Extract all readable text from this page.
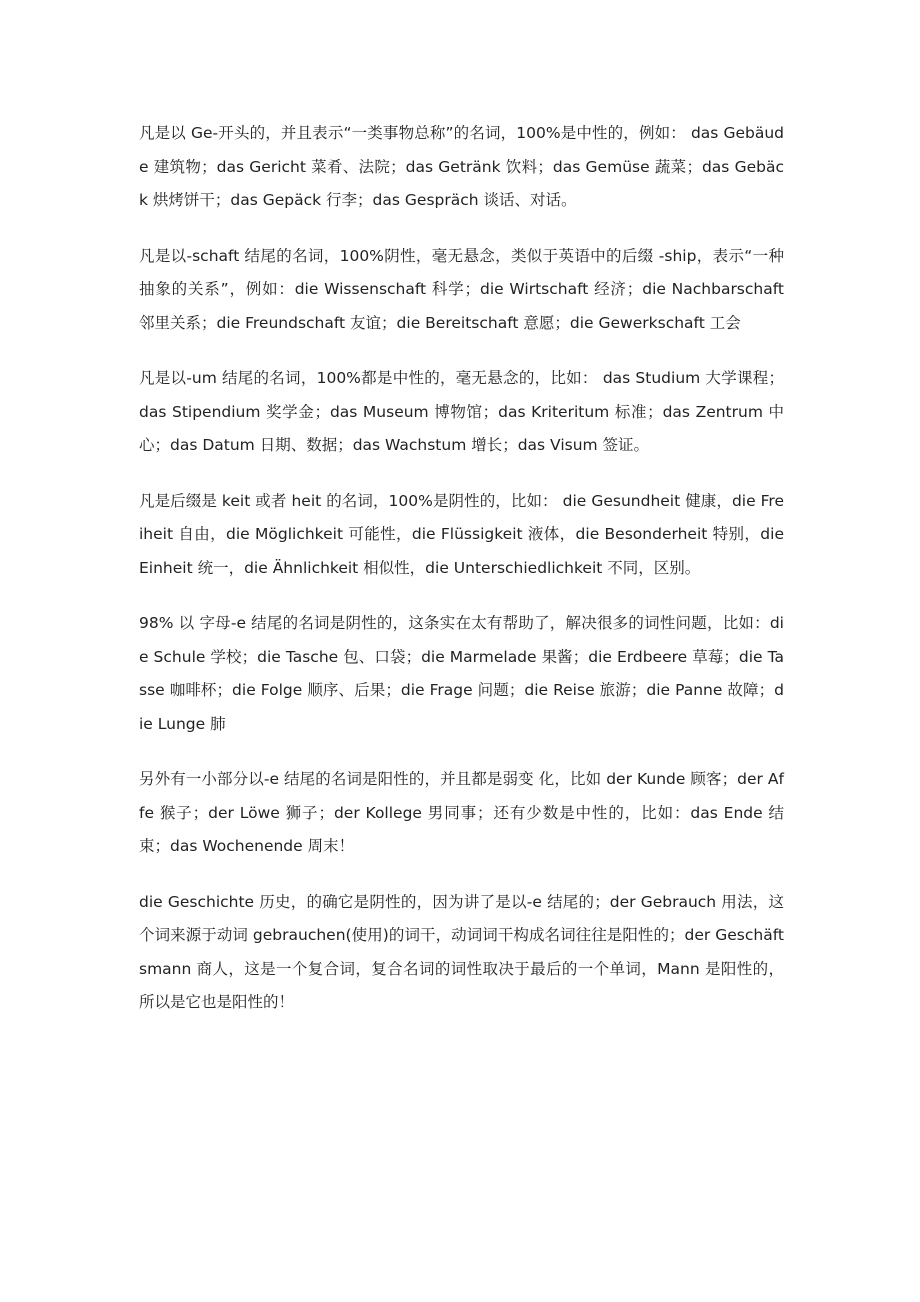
凡是以 Ge-开头的，并且表示“一类事物总称”的名词，100%是中性的，例如： das Gebäude 建筑物；das Gericht 菜肴、法院；das Getränk 饮料；das Gemüse 蔬菜；das Gebäck 烘烤饼干；das Gepäck 行李；das Gespräch 谈话、对话。

凡是以-schaft 结尾的名词，100%阴性，毫无悬念，类似于英语中的后缀 -ship，表示“一种抽象的关系”，例如：die Wissenschaft 科学；die Wirtschaft 经济；die Nachbarschaft 邻里关系；die Freundschaft 友谊；die Bereitschaft 意愿；die Gewerkschaft 工会

凡是以-um 结尾的名词，100%都是中性的，毫无悬念的，比如： das Studium 大学课程；das Stipendium 奖学金；das Museum 博物馆；das Kriteritum 标准；das Zentrum 中心；das Datum 日期、数据；das Wachstum 增长；das Visum 签证。

凡是后缀是 keit 或者 heit 的名词，100%是阴性的，比如： die Gesundheit 健康，die Freiheit 自由，die Möglichkeit 可能性，die Flüssigkeit 液体，die Besonderheit 特别，die Einheit 统一，die Ähnlichkeit 相似性，die Unterschiedlichkeit 不同，区别。

98% 以 字母-e 结尾的名词是阴性的，这条实在太有帮助了，解决很多的词性问题，比如：die Schule 学校；die Tasche 包、口袋；die Marmelade 果酱；die Erdbeere 草莓；die Tasse 咖啡杯；die Folge 顺序、后果；die Frage 问题；die Reise 旅游；die Panne 故障；die Lunge 肺

另外有一小部分以-e 结尾的名词是阳性的，并且都是弱变 化，比如 der Kunde 顾客；der Affe 猴子；der Löwe 狮子；der Kollege 男同事；还有少数是中性的，比如：das Ende 结束；das Wochenende 周末！

die Geschichte 历史，的确它是阴性的，因为讲了是以-e 结尾的；der Gebrauch 用法，这个词来源于动词 gebrauchen(使用)的词干，动词词干构成名词往往是阳性的；der Geschäftsmann 商人，这是一个复合词，复合名词的词性取决于最后的一个单词，Mann 是阳性的，所以是它也是阳性的！
